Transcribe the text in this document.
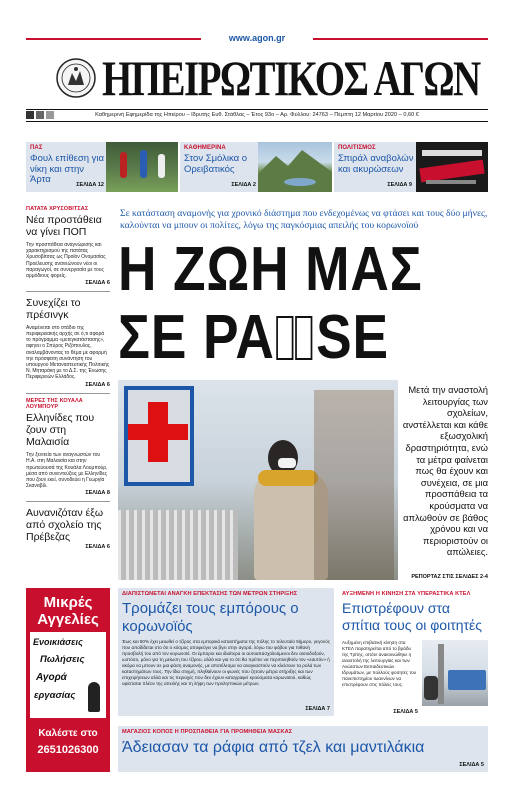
www.agon.gr
ΗΠΕΙΡΩΤΙΚΟΣ ΑΓΩΝ
Καθημερινή Εφημερίδα της Ηπείρου – Ιδρυτής Ευθ. Στάθλας – Έτος 93ο – Αρ. Φύλλου: 24763 – Πέμπτη 12 Μαρτίου 2020 – 0,60 €
ΠΑΣ
Φουλ επίθεση για νίκη και στην Άρτα	ΣΕΛΙΔΑ 12
ΚΑΘΗΜΕΡΙΝΑ
Στον Σμόλικα ο Ορειβατικός
ΣΕΛΙΔΑ 2
ΠΟΛΙΤΙΣΜΟΣ
Σπιράλ αναβολών και ακυρώσεων
ΣΕΛΙΔΑ 9
ΠΑΤΑΤΑ ΧΡΥΣΟΒΙΤΣΑΣ
Νέα προστάθεια να γίνει ΠΟΠ
Την προσπάθεια αναγνώρισης και χαρακτηρισμού της πατάτας Χρυσοβίτσας ως Προϊόν Ονομασίας Προέλευσης ανανεώνουν νέοι οι παραγωγοί, σε συνεργασία με τους αρμόδιους φορείς.
ΣΕΛΙΔΑ 6
Συνεχίζει το πρέσινγκ
Αναμένεται στο στάδιο της περιφερειακής αρχής σε ό,τι αφορά το πρόγραμμα «μετεγκατάστασης», αφηνει ο Σπύρος Ριζόπουλος, αναλαμβάνοντας το θέμα με αφορμή την πρόσφατη συνάντηση του υπουργού Μεταναστευτικής Πολιτικής Ν. Μηταράκη με το Δ.Σ. της Ένωσης Περιφερειών Ελλάδος.
ΣΕΛΙΔΑ 6
ΜΕΡΕΣ ΤΗΣ ΚΟΥΑΛΑ ΛΟΥΜΠΟΥΡ
Ελληνίδες που ζουν στη Μαλαισία
Την ξενιτεία των αναγνωστών του Η.Α. στη Μαλαισία και στην πρωτεύουσά της Κουάλα Λουμπούρ, μέσα από συνεντεύξεις με Ελληνίδες που ζουν εκεί, συνοδεύει η Γεωργία Σκαναβίλ.
ΣΕΛΙΔΑ 8
Αυνανιζόταν έξω από σχολείο της Πρέβεζας
ΣΕΛΙΔΑ 6
Σε κατάσταση αναμονής για χρονικό διάστημα που ενδεχομένως να φτάσει και τους δύο μήνες, καλούνται να μπουν οι πολίτες, λόγω της παγκόσμιας απειλής του κορωνοϊού
Η ΖΩΗ ΜΑΣ
ΣΕ PA SE
Μετά την αναστολή λειτουργίας των σχολείων, ανστέλλεται και κάθε εξωσχολική δραστηριότητα, ενώ τα μέτρα φαίνεται πως θα έχουν και συνέχεια, σε μια προσπάθεια τα κρούσματα να απλωθούν σε βάθος χρόνου και να περιοριστούν οι απώλειες.
ΡΕΠΟΡΤΑΖ ΣΤΙΣ ΣΕΛΙΔΕΣ 2-4
Μικρές
Αγγελίες
Ενοικιάσεις
Πωλήσεις
Αγορά
εργασίας
Καλέστε στο
2651026300
ΔΙΑΠΙΣΤΩΝΕΤΑΙ ΑΝΑΓΚΗ ΕΠΕΚΤΑΣΗΣ ΤΩΝ ΜΕΤΡΩΝ ΣΤΗΡΙΞΗΣ
Τρομάζει τους εμπόρους ο κορωνοϊός
Έως και 50% έχει μειωθεί ο τζίρος στα εμπορικά καταστήματα της πόλης το τελευταίο 5ήμερο, γεγονός που αποδίδεται στο ότι ο κόσμος αποφεύγει να βγει στην αγορά, λόγω του φόβου για πιθανή προσβολή του από τον κορωνοϊό. Οι έμποροι και ιδιαίτερα οι αυτοαπασχολούμενοι δεν αισιοδοξούν, ωστόσο, μόνο για τη μείωση του τζίρου, αλλά και για το ότι θα πρέπει να περιποιηθούν τον «εαυτόν» ή ακόμα να μπουν σε μια φάση αναμονής, με αποτέλεσμα να αναγκαστούν να κλείσουν τα ρολά των καταστημάτων τους. Την ίδια στιγμή, πληθαίνουν οι φωνές που ζητούν μέτρα στήριξης και των επιχειρήσεων αλλά και τις περιοχές που δεν έχουν καταγραφεί κρούσματα κορωνοϊού, καθώς υφίσταται πλέον της απειλής και τη λήψη των προληπτικών μέτρων.
ΣΕΛΙΔΑ 7
ΑΥΞΗΜΕΝΗ Η ΚΙΝΗΣΗ ΣΤΑ ΥΠΕΡΑΣΤΙΚΑ ΚΤΕΛ
Επιστρέφουν στα σπίτια τους οι φοιτητές
Αυξημένη επιβατική κίνηση στα ΚΤΕΛ παρατηρείται από το βράδυ της Τρίτης, οπότε ανακοινώθηκε η αναστολή της λειτουργίας και των Ανώτατων Εκπαιδευτικών Ιδρυμάτων, με πολλούς φοιτητές του πανεπιστημίου Ιωαννίνων να επιστρέφουν στις πόλεις τους.
ΣΕΛΙΔΑ 5
ΜΑΓΑΖΙΟΣ ΚΟΠΟΣ Η ΠΡΟΣΠΑΘΕΙΑ ΓΙΑ ΠΡΟΜΗΘΕΙΑ ΜΑΣΚΑΣ
Άδειασαν τα ράφια από τζελ και μαντιλάκια
ΣΕΛΙΔΑ 5
